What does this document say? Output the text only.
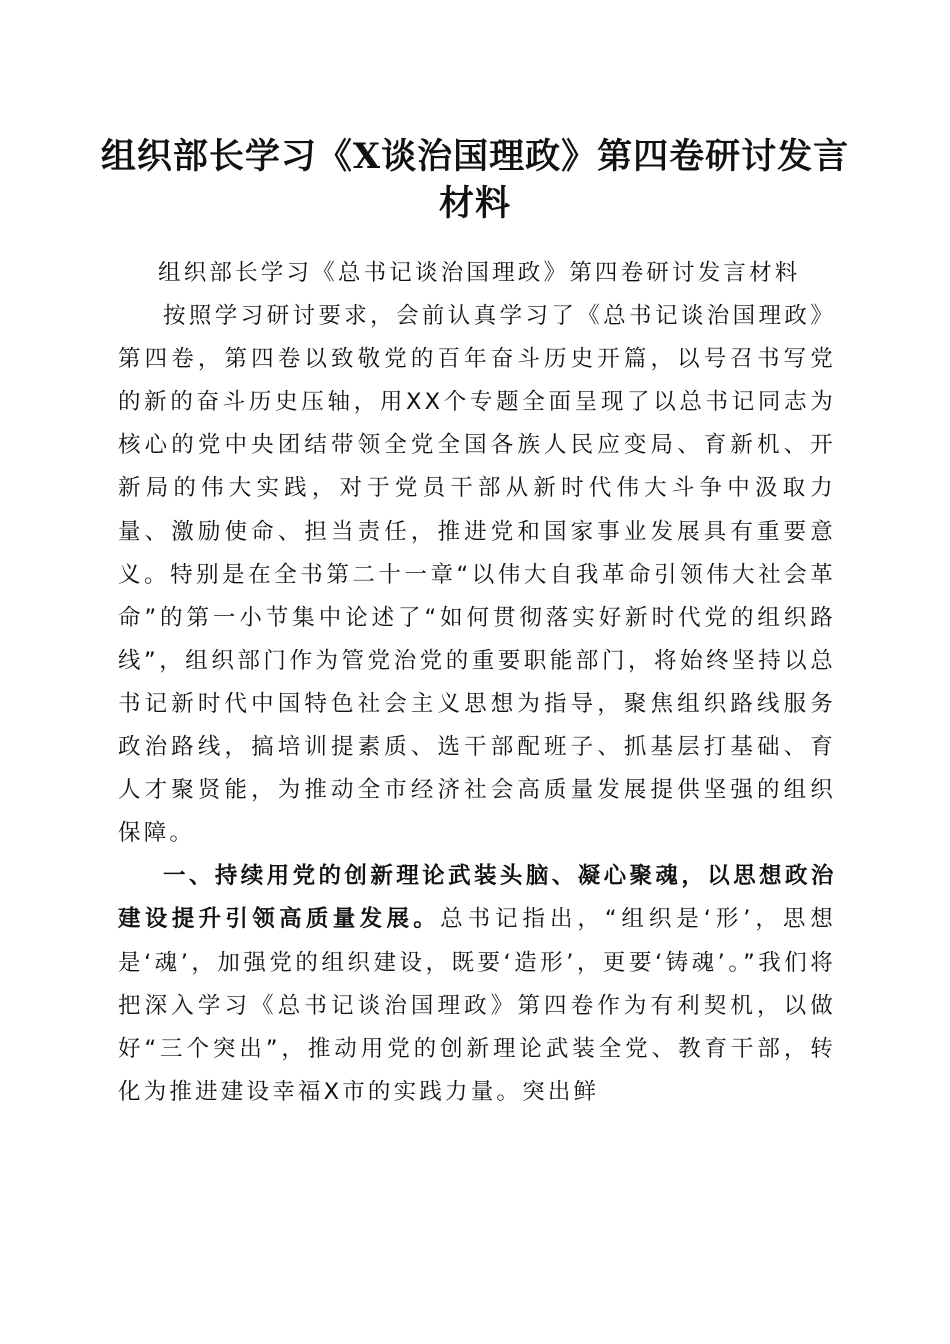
组织部长学习《X谈治国理政》第四卷研讨发言材料

组织部长学习《总书记谈治国理政》第四卷研讨发言材料

按照学习研讨要求，会前认真学习了《总书记谈治国理政》第四卷，第四卷以致敬党的百年奋斗历史开篇，以号召书写党的新的奋斗历史压轴，用XX个专题全面呈现了以总书记同志为核心的党中央团结带领全党全国各族人民应变局、育新机、开新局的伟大实践，对于党员干部从新时代伟大斗争中汲取力量、激励使命、担当责任，推进党和国家事业发展具有重要意义。特别是在全书第二十一章“以伟大自我革命引领伟大社会革命”的第一小节集中论述了“如何贯彻落实好新时代党的组织路线”，组织部门作为管党治党的重要职能部门，将始终坚持以总书记新时代中国特色社会主义思想为指导，聚焦组织路线服务政治路线，搞培训提素质、选干部配班子、抓基层打基础、育人才聚贤能，为推动全市经济社会高质量发展提供坚强的组织保障。

一、持续用党的创新理论武装头脑、凝心聚魂，以思想政治建设提升引领高质量发展。总书记指出，“组织是‘形’，思想是‘魂’，加强党的组织建设，既要‘造形’，更要‘铸魂’。”我们将把深入学习《总书记谈治国理政》第四卷作为有利契机，以做好“三个突出”，推动用党的创新理论武装全党、教育干部，转化为推进建设幸福X市的实践力量。突出鲜
